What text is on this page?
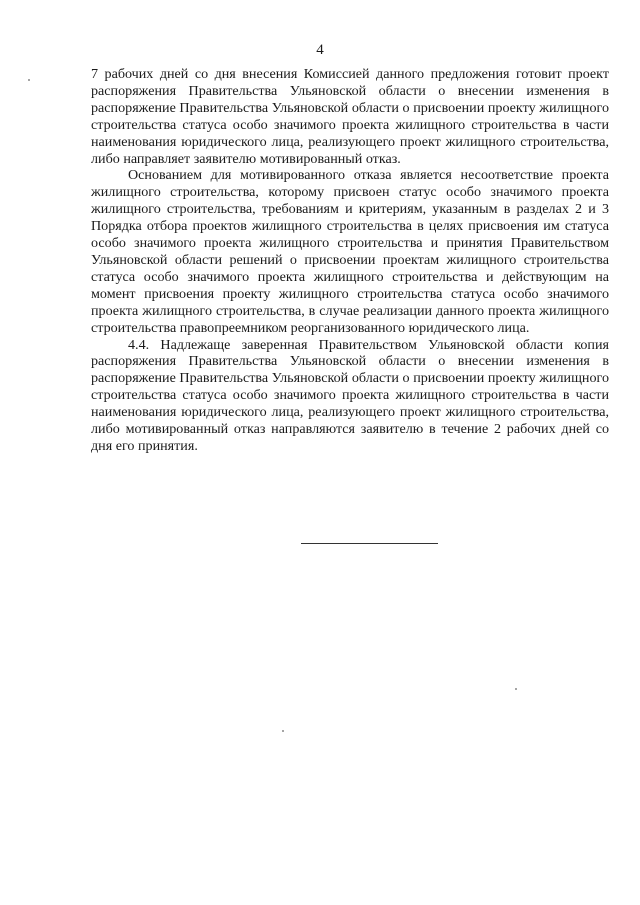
4

7 рабочих дней со дня внесения Комиссией данного предложения готовит проект распоряжения Правительства Ульяновской области о внесении изменения в распоряжение Правительства Ульяновской области о присвоении проекту жилищного строительства статуса особо значимого проекта жилищного строительства в части наименования юридического лица, реализующего проект жилищного строительства, либо направляет заявителю мотивированный отказ.

Основанием для мотивированного отказа является несоответствие проекта жилищного строительства, которому присвоен статус особо значимого проекта жилищного строительства, требованиям и критериям, указанным в разделах 2 и 3 Порядка отбора проектов жилищного строительства в целях присвоения им статуса особо значимого проекта жилищного строительства и принятия Правительством Ульяновской области решений о присвоении проектам жилищного строительства статуса особо значимого проекта жилищного строительства и действующим на момент присвоения проекту жилищного строительства статуса особо значимого проекта жилищного строительства, в случае реализации данного проекта жилищного строительства правопреемником реорганизованного юридического лица.

4.4. Надлежаще заверенная Правительством Ульяновской области копия распоряжения Правительства Ульяновской области о внесении изменения в распоряжение Правительства Ульяновской области о присвоении проекту жилищного строительства статуса особо значимого проекта жилищного строительства в части наименования юридического лица, реализующего проект жилищного строительства, либо мотивированный отказ направляются заявителю в течение 2 рабочих дней со дня его принятия.
